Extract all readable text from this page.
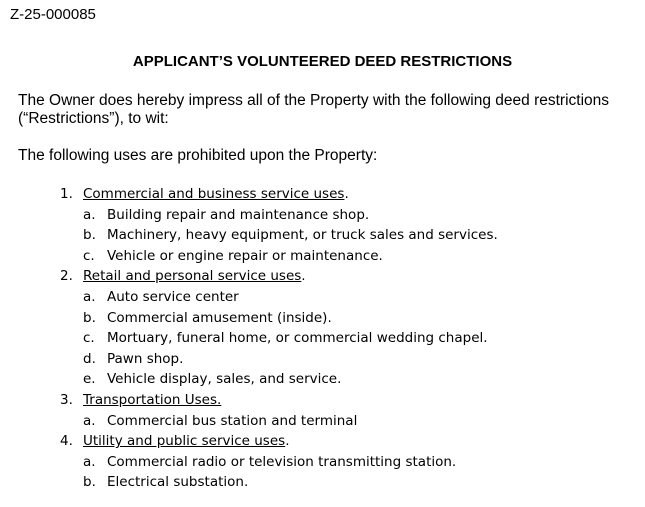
Z-25-000085
APPLICANT’S VOLUNTEERED DEED RESTRICTIONS
The Owner does hereby impress all of the Property with the following deed restrictions (“Restrictions”), to wit:
The following uses are prohibited upon the Property:
1. Commercial and business service uses.
a. Building repair and maintenance shop.
b. Machinery, heavy equipment, or truck sales and services.
c. Vehicle or engine repair or maintenance.
2. Retail and personal service uses.
a. Auto service center
b. Commercial amusement (inside).
c. Mortuary, funeral home, or commercial wedding chapel.
d. Pawn shop.
e. Vehicle display, sales, and service.
3. Transportation Uses.
a. Commercial bus station and terminal
4. Utility and public service uses.
a. Commercial radio or television transmitting station.
b. Electrical substation.
